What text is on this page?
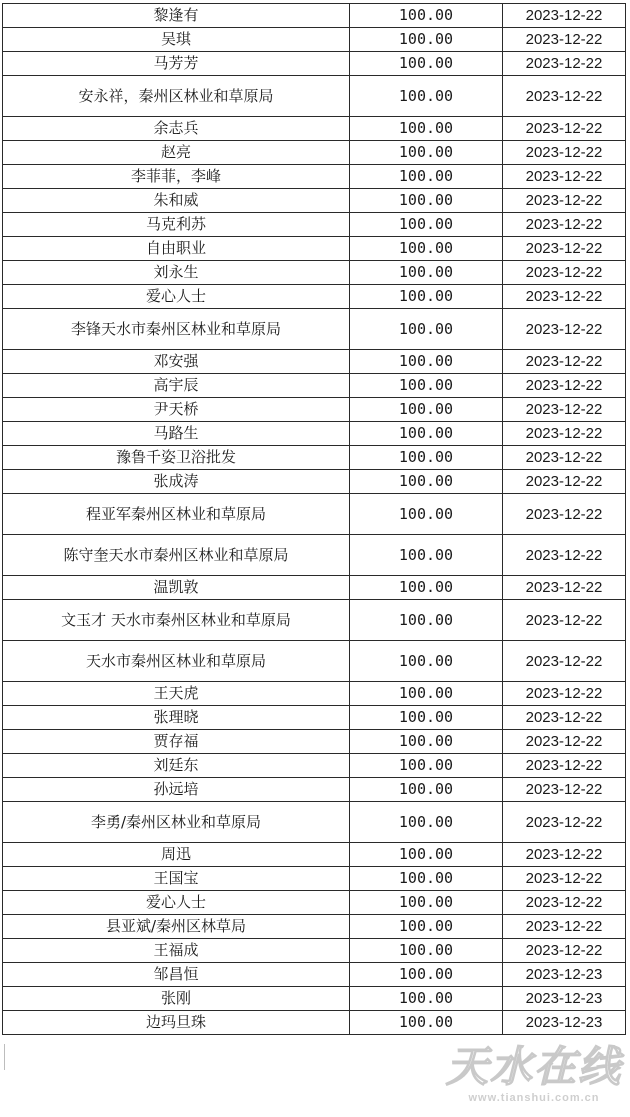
黎逢有	100.00	2023-12-22
吴琪	100.00	2023-12-22
马芳芳	100.00	2023-12-22
安永祥，秦州区林业和草原局	100.00	2023-12-22
余志兵	100.00	2023-12-22
赵亮	100.00	2023-12-22
李菲菲，李峰	100.00	2023-12-22
朱和威	100.00	2023-12-22
马克利苏	100.00	2023-12-22
自由职业	100.00	2023-12-22
刘永生	100.00	2023-12-22
爱心人士	100.00	2023-12-22
李锋天水市秦州区林业和草原局	100.00	2023-12-22
邓安强	100.00	2023-12-22
高宇辰	100.00	2023-12-22
尹天桥	100.00	2023-12-22
马路生	100.00	2023-12-22
豫鲁千姿卫浴批发	100.00	2023-12-22
张成涛	100.00	2023-12-22
程亚军秦州区林业和草原局	100.00	2023-12-22
陈守奎天水市秦州区林业和草原局	100.00	2023-12-22
温凯敦	100.00	2023-12-22
文玉才 天水市秦州区林业和草原局	100.00	2023-12-22
天水市秦州区林业和草原局	100.00	2023-12-22
王天虎	100.00	2023-12-22
张理晓	100.00	2023-12-22
贾存福	100.00	2023-12-22
刘廷东	100.00	2023-12-22
孙远培	100.00	2023-12-22
李勇/秦州区林业和草原局	100.00	2023-12-22
周迅	100.00	2023-12-22
王国宝	100.00	2023-12-22
爱心人士	100.00	2023-12-22
县亚斌/秦州区林草局	100.00	2023-12-22
王福成	100.00	2023-12-22
邹昌恒	100.00	2023-12-23
张刚	100.00	2023-12-23
边玛旦珠	100.00	2023-12-23
天水在线
www.tianshui.com.cn
